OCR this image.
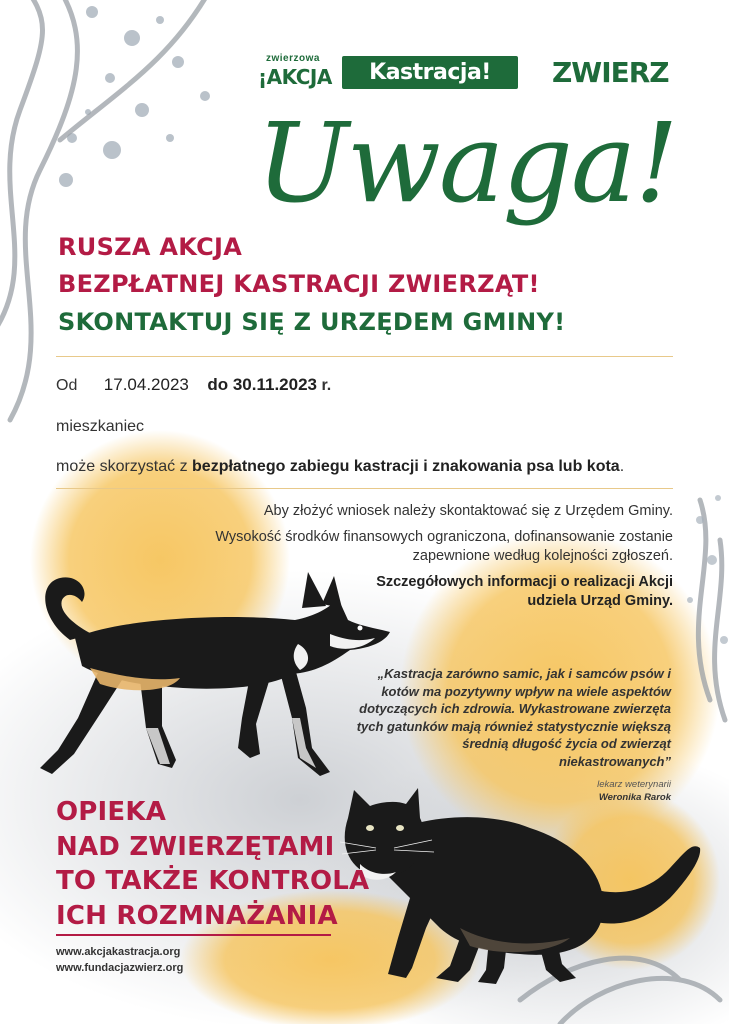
zwierzowa
¡AKCJA	Kastracja!	ZWIERZ
Uwaga!
RUSZA AKCJA
BEZPŁATNEJ KASTRACJI ZWIERZĄT!
SKONTAKTUJ SIĘ Z URZĘDEM GMINY!
Od 17.04.2023 do 30.11.2023 r.
mieszkaniec
może skorzystać z bezpłatnego zabiegu kastracji i znakowania psa lub kota.
Aby złożyć wniosek należy skontaktować się z Urzędem Gminy.
Wysokość środków finansowych ograniczona, dofinansowanie zostanie zapewnione według kolejności zgłoszeń.
Szczegółowych informacji o realizacji Akcji udziela Urząd Gminy.
„Kastracja zarówno samic, jak i samców psów i kotów ma pozytywny wpływ na wiele aspektów dotyczących ich zdrowia. Wykastrowane zwierzęta tych gatunków mają również statystycznie większą średnią długość życia od zwierząt niekastrowanych”
lekarz weterynarii
Weronika Rarok
OPIEKA
NAD ZWIERZĘTAMI
TO TAKŻE KONTROLA
ICH ROZMNAŻANIA
www.akcjakastracja.org
www.fundacjazwierz.org
